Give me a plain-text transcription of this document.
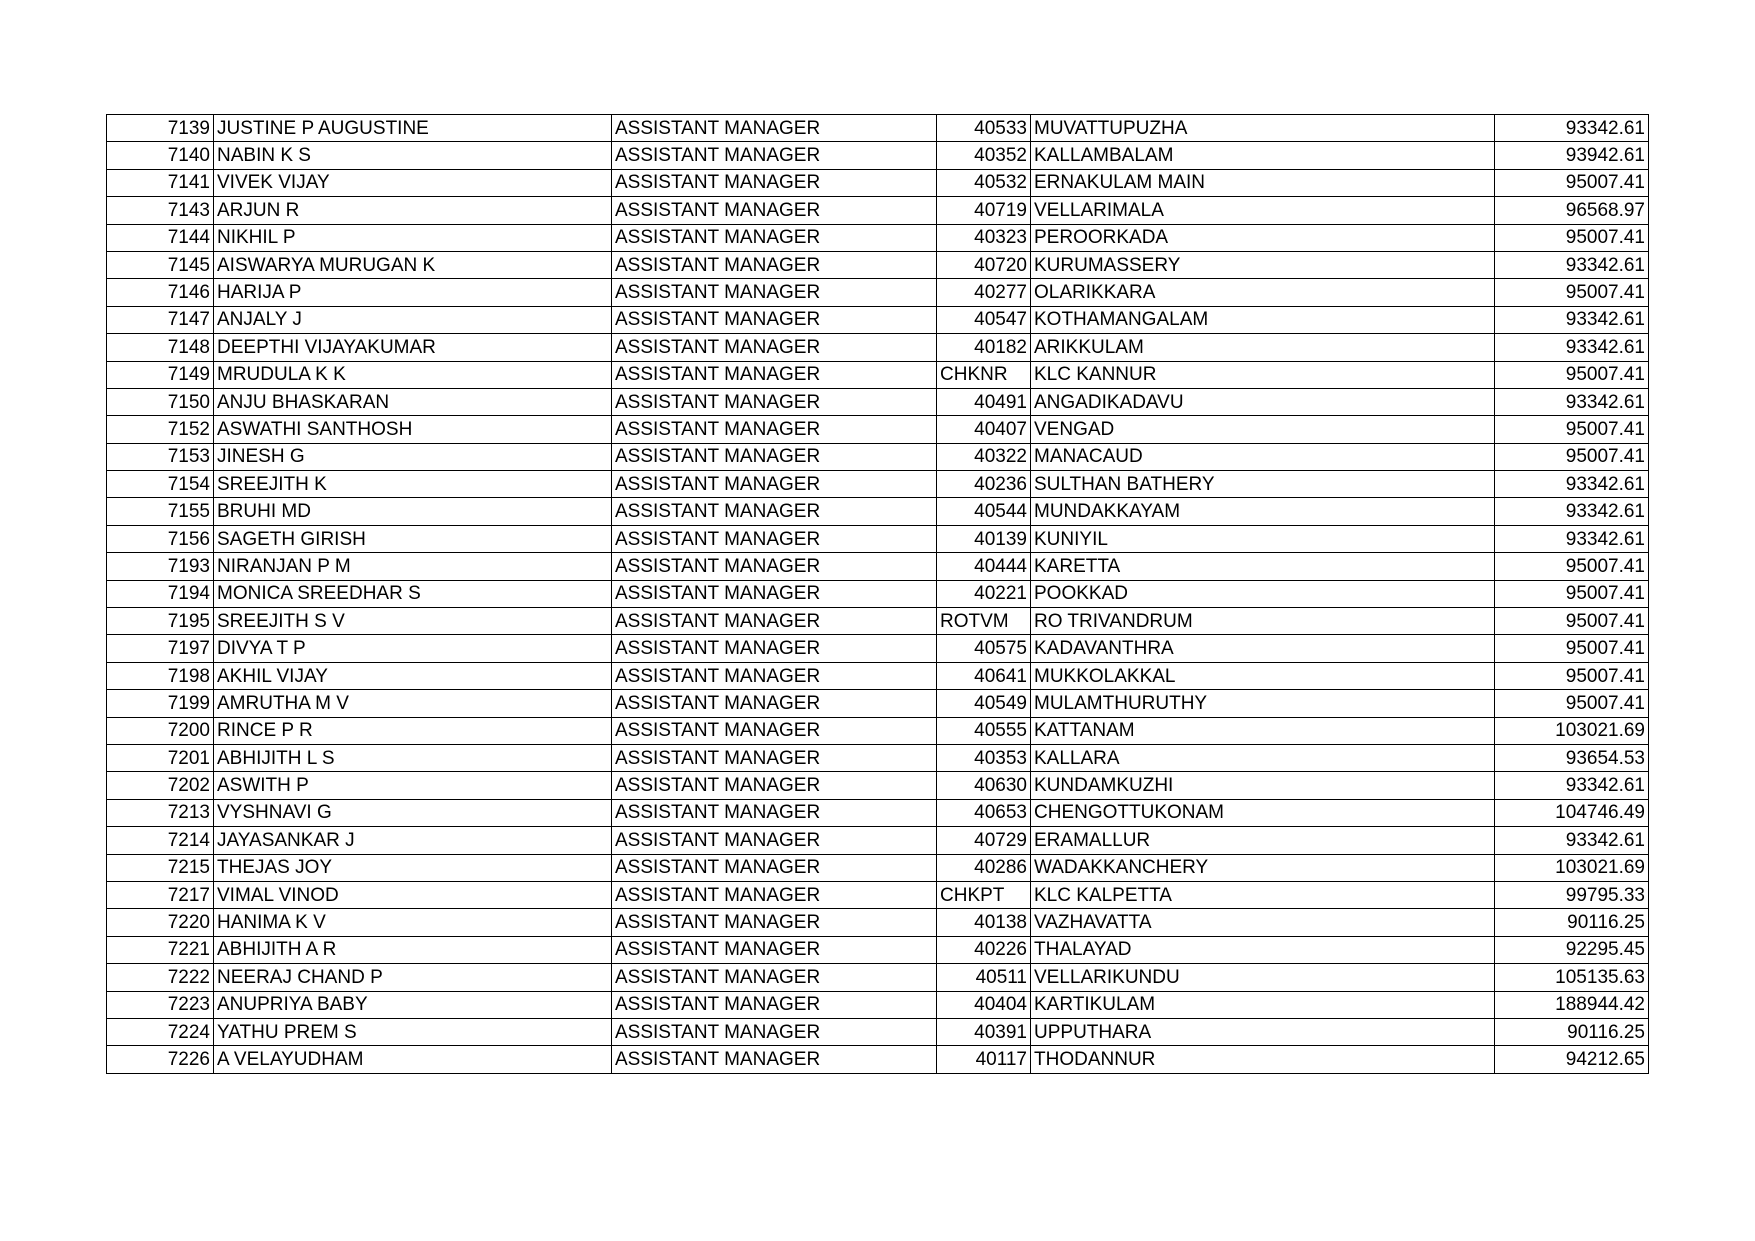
7139	JUSTINE P AUGUSTINE	ASSISTANT MANAGER	40533	MUVATTUPUZHA	93342.61
7140	NABIN K S	ASSISTANT MANAGER	40352	KALLAMBALAM	93942.61
7141	VIVEK VIJAY	ASSISTANT MANAGER	40532	ERNAKULAM MAIN	95007.41
7143	ARJUN R	ASSISTANT MANAGER	40719	VELLARIMALA	96568.97
7144	NIKHIL P	ASSISTANT MANAGER	40323	PEROORKADA	95007.41
7145	AISWARYA MURUGAN K	ASSISTANT MANAGER	40720	KURUMASSERY	93342.61
7146	HARIJA P	ASSISTANT MANAGER	40277	OLARIKKARA	95007.41
7147	ANJALY J	ASSISTANT MANAGER	40547	KOTHAMANGALAM	93342.61
7148	DEEPTHI VIJAYAKUMAR	ASSISTANT MANAGER	40182	ARIKKULAM	93342.61
7149	MRUDULA K K	ASSISTANT MANAGER	CHKNR	KLC KANNUR	95007.41
7150	ANJU BHASKARAN	ASSISTANT MANAGER	40491	ANGADIKADAVU	93342.61
7152	ASWATHI SANTHOSH	ASSISTANT MANAGER	40407	VENGAD	95007.41
7153	JINESH G	ASSISTANT MANAGER	40322	MANACAUD	95007.41
7154	SREEJITH K	ASSISTANT MANAGER	40236	SULTHAN BATHERY	93342.61
7155	BRUHI MD	ASSISTANT MANAGER	40544	MUNDAKKAYAM	93342.61
7156	SAGETH GIRISH	ASSISTANT MANAGER	40139	KUNIYIL	93342.61
7193	NIRANJAN P M	ASSISTANT MANAGER	40444	KARETTA	95007.41
7194	MONICA SREEDHAR S	ASSISTANT MANAGER	40221	POOKKAD	95007.41
7195	SREEJITH S V	ASSISTANT MANAGER	ROTVM	RO TRIVANDRUM	95007.41
7197	DIVYA T P	ASSISTANT MANAGER	40575	KADAVANTHRA	95007.41
7198	AKHIL VIJAY	ASSISTANT MANAGER	40641	MUKKOLAKKAL	95007.41
7199	AMRUTHA M V	ASSISTANT MANAGER	40549	MULAMTHURUTHY	95007.41
7200	RINCE P R	ASSISTANT MANAGER	40555	KATTANAM	103021.69
7201	ABHIJITH L S	ASSISTANT MANAGER	40353	KALLARA	93654.53
7202	ASWITH P	ASSISTANT MANAGER	40630	KUNDAMKUZHI	93342.61
7213	VYSHNAVI G	ASSISTANT MANAGER	40653	CHENGOTTUKONAM	104746.49
7214	JAYASANKAR J	ASSISTANT MANAGER	40729	ERAMALLUR	93342.61
7215	THEJAS JOY	ASSISTANT MANAGER	40286	WADAKKANCHERY	103021.69
7217	VIMAL VINOD	ASSISTANT MANAGER	CHKPT	KLC KALPETTA	99795.33
7220	HANIMA K V	ASSISTANT MANAGER	40138	VAZHAVATTA	90116.25
7221	ABHIJITH A R	ASSISTANT MANAGER	40226	THALAYAD	92295.45
7222	NEERAJ CHAND P	ASSISTANT MANAGER	40511	VELLARIKUNDU	105135.63
7223	ANUPRIYA BABY	ASSISTANT MANAGER	40404	KARTIKULAM	188944.42
7224	YATHU PREM S	ASSISTANT MANAGER	40391	UPPUTHARA	90116.25
7226	A VELAYUDHAM	ASSISTANT MANAGER	40117	THODANNUR	94212.65
